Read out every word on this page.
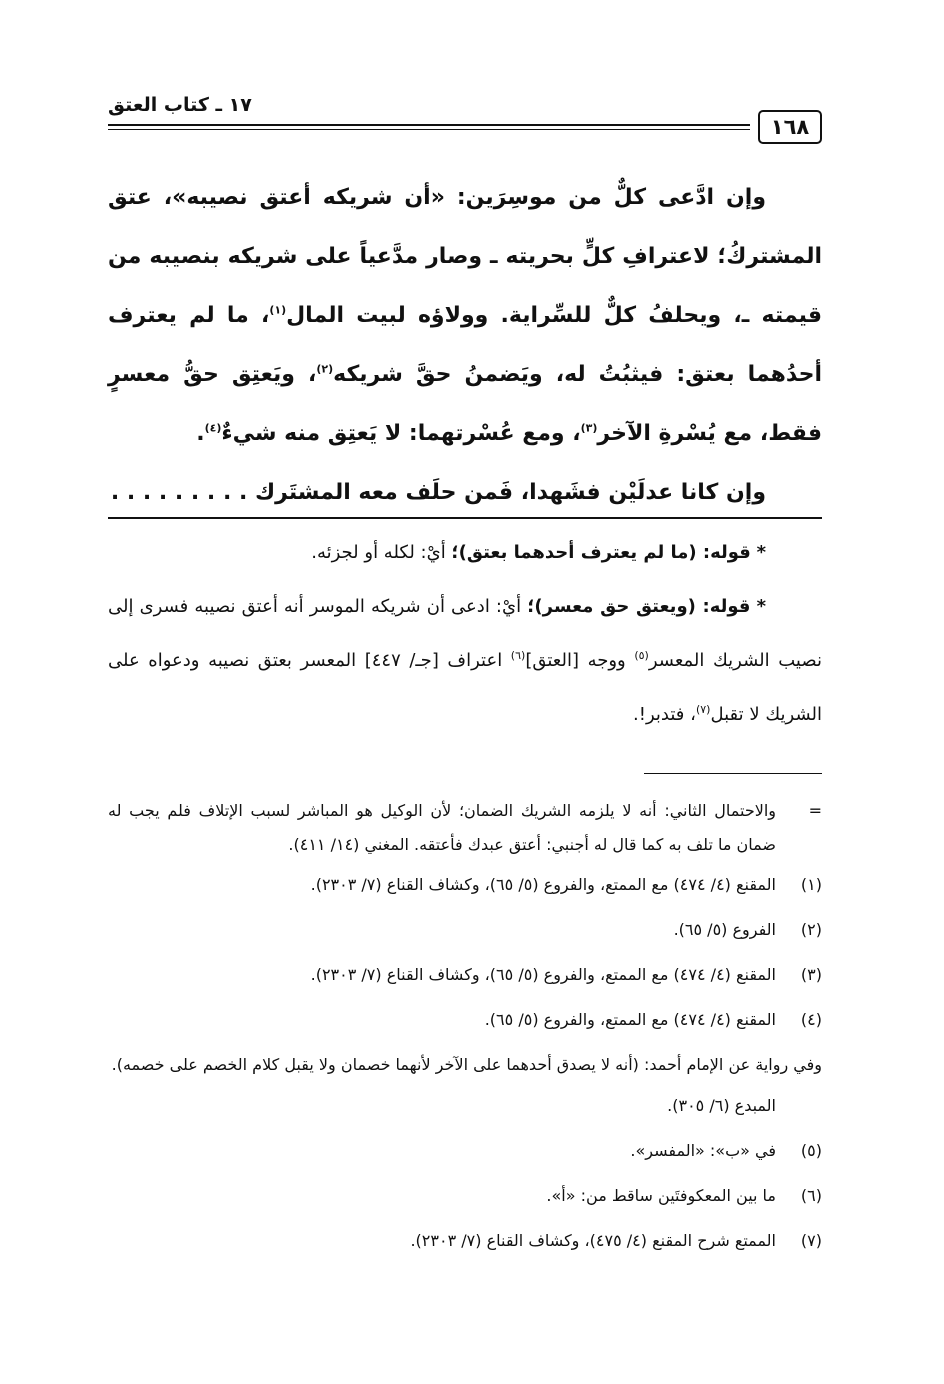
١٦٨
١٧ ـ كتاب العتق

وإن ادَّعى كلٌّ من موسِرَين: «أن شريكه أعتق نصيبه»، عتق المشتركُ؛ لاعترافِ كلٍّ بحريته ـ وصار مدَّعياً على شريكه بنصيبه من قيمته ـ، ويحلفُ كلٌّ للسِّراية. وولاؤه لبيت المال$^{(١)}$، ما لم يعترف أحدُهما بعتق: فيثبُتُ له، ويَضمنُ حقَّ شريكه$^{(٢)}$، ويَعتِق حقُّ معسرٍ فقط، مع يُسْرةِ الآخر$^{(٣)}$، ومع عُسْرتهما: لا يَعتِق منه شيءٌ$^{(٤)}$.

وإن كانا عدلَيْن فشَهدا، فَمن حلَف معه المشتَرك . . . . . . . . .

* قوله: (ما لم يعترف أحدهما بعتق)؛ أيْ: لكله أو لجزئه.

* قوله: (ويعتق حق معسر)؛ أيْ: ادعى أن شريكه الموسر أنه أعتق نصيبه فسرى إلى نصيب الشريك المعسر$^{(٥)}$ ووجه [العتق]$^{(٦)}$ اعتراف [جـ/ ٤٤٧] المعسر بعتق نصيبه ودعواه على الشريك لا تقبل$^{(٧)}$، فتدبر!.

=
والاحتمال الثاني: أنه لا يلزمه الشريك الضمان؛ لأن الوكيل هو المباشر لسبب الإتلاف فلم يجب له ضمان ما تلف به كما قال له أجنبي: أعتق عبدك فأعتقه. المغني (١٤/ ٤١١).
(١)
المقنع (٤/ ٤٧٤) مع الممتع، والفروع (٥/ ٦٥)، وكشاف القناع (٧/ ٢٣٠٣).
(٢)
الفروع (٥/ ٦٥).
(٣)
المقنع (٤/ ٤٧٤) مع الممتع، والفروع (٥/ ٦٥)، وكشاف القناع (٧/ ٢٣٠٣).
(٤)
المقنع (٤/ ٤٧٤) مع الممتع، والفروع (٥/ ٦٥).
وفي رواية عن الإمام أحمد: (أنه لا يصدق أحدهما على الآخر لأنهما خصمان ولا يقبل كلام الخصم على خصمه).
المبدع (٦/ ٣٠٥).
(٥)
في «ب»: «المفسر».
(٦)
ما بين المعكوفتَين ساقط من: «أ».
(٧)
الممتع شرح المقنع (٤/ ٤٧٥)، وكشاف القناع (٧/ ٢٣٠٣).
